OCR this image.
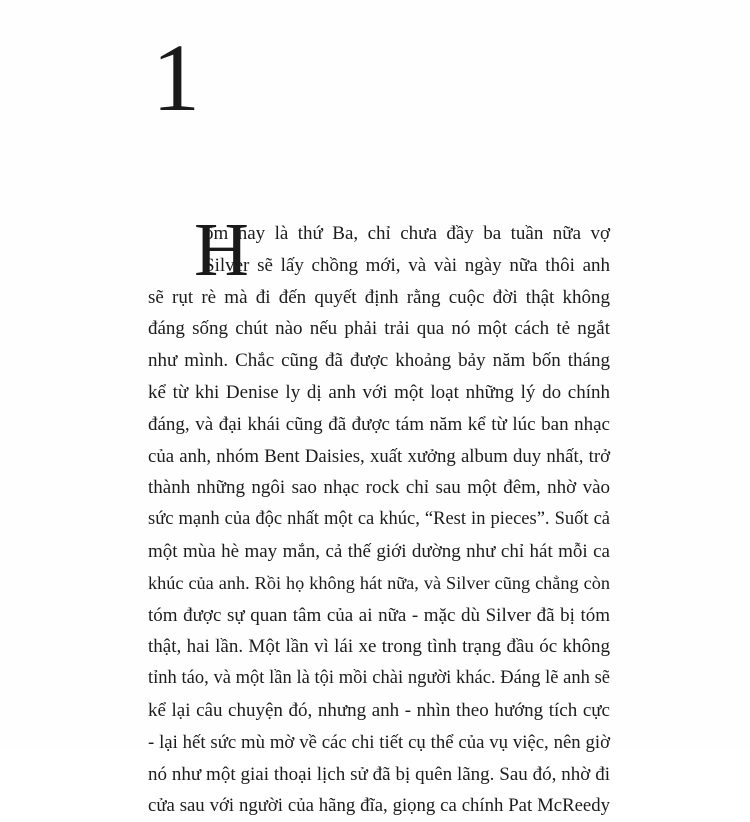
1
H
ôm nay là thứ Ba, chỉ chưa đầy ba tuần nữa vợ
Silver sẽ lấy chồng mới, và vài ngày nữa thôi anh
sẽ rụt rè mà đi đến quyết định rằng cuộc đời thật không
đáng sống chút nào nếu phải trải qua nó một cách tẻ ngắt
như mình. Chắc cũng đã được khoảng bảy năm bốn tháng
kể từ khi Denise ly dị anh với một loạt những lý do chính
đáng, và đại khái cũng đã được tám năm kể từ lúc ban nhạc
của anh, nhóm Bent Daisies, xuất xưởng album duy nhất, trở
thành những ngôi sao nhạc rock chỉ sau một đêm, nhờ vào
sức mạnh của độc nhất một ca khúc, “Rest in pieces”. Suốt cả
một mùa hè may mắn, cả thế giới dường như chỉ hát mỗi ca
khúc của anh. Rồi họ không hát nữa, và Silver cũng chẳng còn
tóm được sự quan tâm của ai nữa - mặc dù Silver đã bị tóm
thật, hai lần. Một lần vì lái xe trong tình trạng đầu óc không
tỉnh táo, và một lần là tội mồi chài người khác. Đáng lẽ anh sẽ
kể lại câu chuyện đó, nhưng anh - nhìn theo hướng tích cực
- lại hết sức mù mờ về các chi tiết cụ thể của vụ việc, nên giờ
nó như một giai thoại lịch sử đã bị quên lãng. Sau đó, nhờ đi
cửa sau với người của hãng đĩa, giọng ca chính Pat McReedy
